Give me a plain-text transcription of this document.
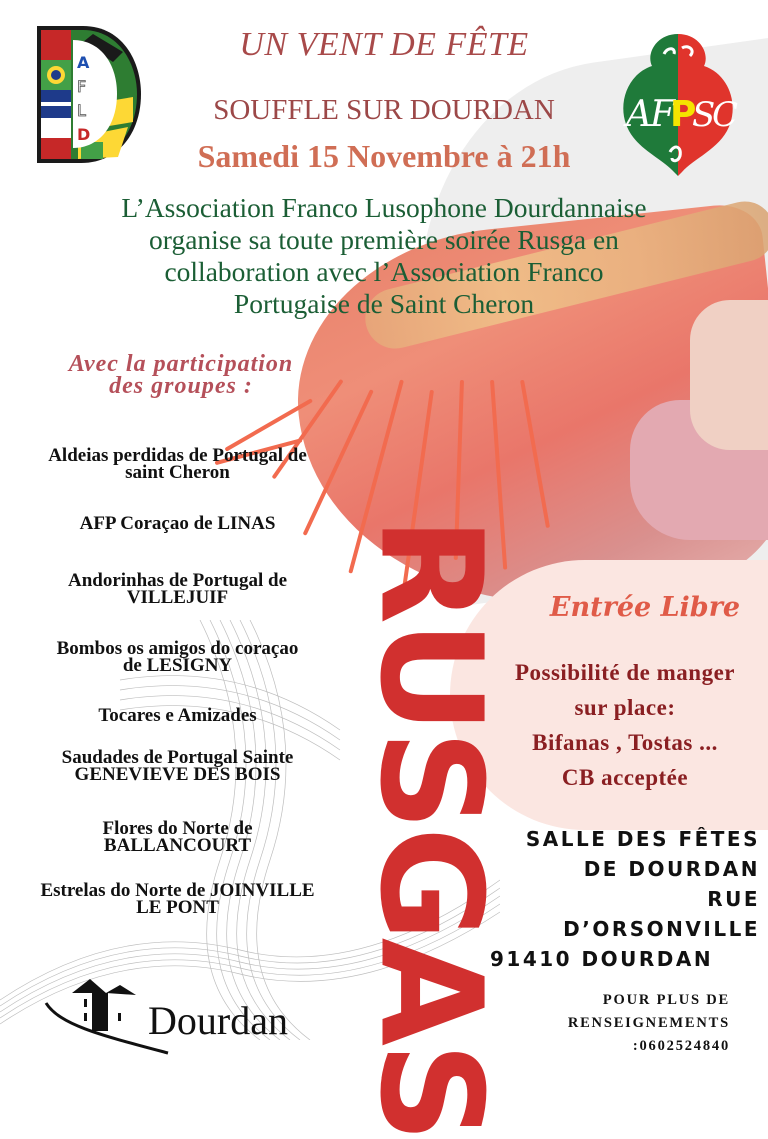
A
F
L
D	A
F
P
S
C
UN VENT DE FÊTE
SOUFFLE SUR DOURDAN
Samedi 15 Novembre à 21h
L’Association Franco Lusophone Dourdannaise
organise sa toute première soirée Rusga en
collaboration avec l’Association Franco
Portugaise de Saint Cheron
Avec la participation
des groupes :
Aldeias perdidas de Portugal de
saint Cheron
AFP Coraçao de LINAS
Andorinhas de Portugal de
VILLEJUIF
Bombos os amigos do coraçao
de LESIGNY
Tocares e Amizades
Saudades de Portugal Sainte
GENEVIEVE DES BOIS
Flores do Norte de
BALLANCOURT
Estrelas do Norte de JOINVILLE
LE PONT RUSGAS	Entrée Libre
Possibilité de manger
sur place:
Bifanas , Tostas ...
CB acceptée
SALLE DES FÊTES
DE DOURDAN
RUE
D’ORSONVILLE
91410 DOURDAN
POUR PLUS DE
RENSEIGNEMENTS
:0602524840
Dourdan
